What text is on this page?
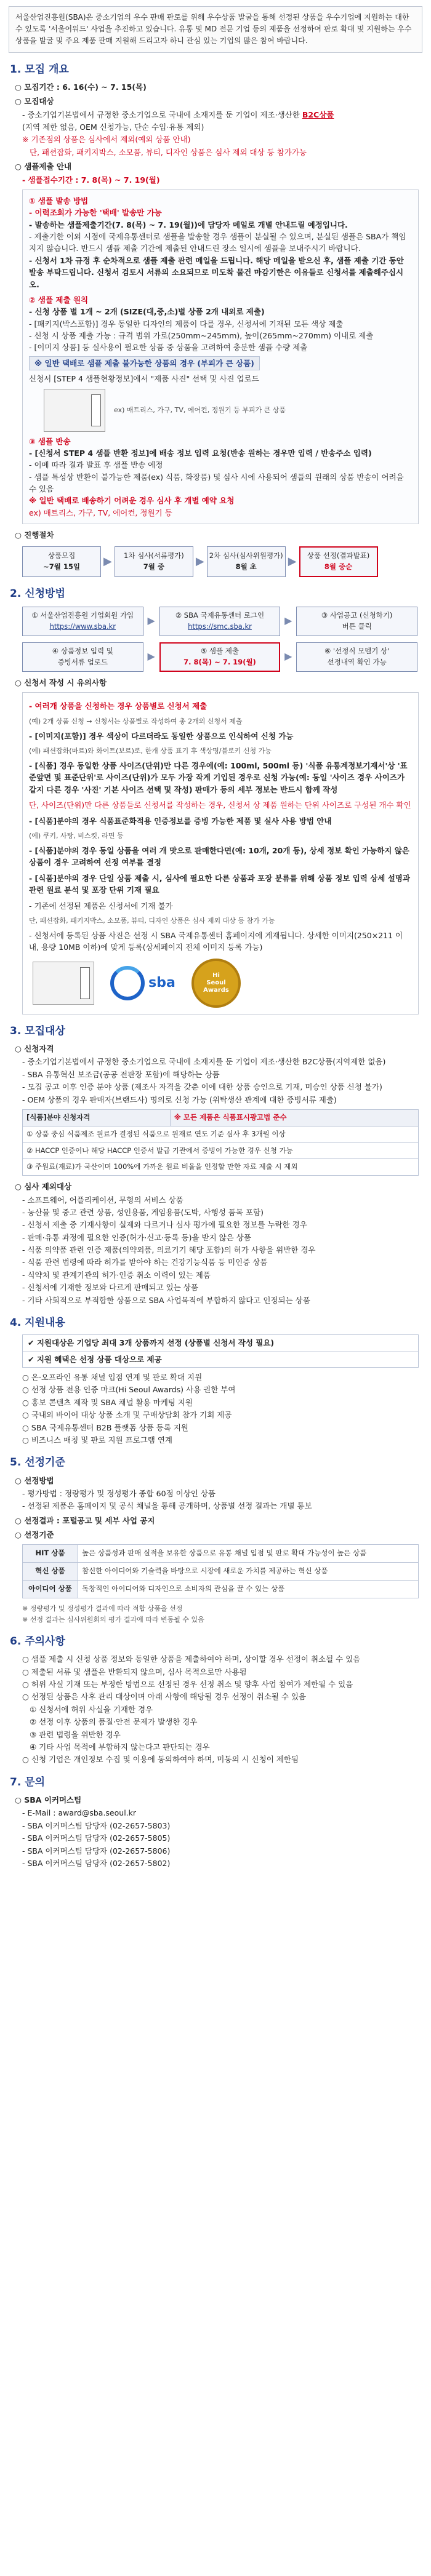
서울산업진흥원(SBA)은 중소기업의 우수 판매 판로를 위해 우수상품 발굴을 통해 선정된 상품을 우수기업에 지원하는 대한 수 있도록 '서울어워드' 사업을 추진하고 있습니다. 유통 및 MD 전문 기업 등의 제품을 선정하여 판로 확대 및 지원하는 우수 상품을 발굴 및 주요 제품 판매 지원해 드리고자 하니 관심 있는 기업의 많은 참여 바랍니다.
1. 모집 개요
○ 모집기간 : 6. 16(수) ~ 7. 15(목)
○ 모집대상
- 중소기업기본법에서 규정한 중소기업으로 국내에 소재지를 둔 기업이 제조·생산한 B2C상품
(지역 제한 없음, OEM 신청가능, 단순 수입·유통 제외)
※ 기존점의 상품은 심사에서 제외(예외 상품 안내)
단, 패션잡화, 패키지박스, 소모품, 뷰티, 디자인 상품은 심사 제외 대상 등 참가가능
○ 샘플제출 안내
- 샘플접수기간 : 7. 8(목) ~ 7. 19(월)
① 샘플 발송 방법
- 이력조회가 가능한 '택배' 발송만 가능
- 발송하는 샘플제출기간(7. 8(목) ~ 7. 19(월))에 담당자 메일로 개별 안내드릴 예정입니다.
- 제출기한 이외 시점에 국제유통센터로 샘플을 발송할 경우 샘플이 분실될 수 있으며, 분실된 샘플은 SBA가 책임지지 않습니다. 반드시 샘플 제출 기간에 제출된 안내드린 장소 일시에 샘플을 보내주시기 바랍니다.
- 신청서 1차 규정 후 순차적으로 샘플 제출 관련 메일을 드립니다. 해당 메일을 받으신 후, 샘플 제출 기간 동안 발송 부탁드립니다. 신청서 검토시 서류의 소요되므로 미도착 물건 마감기한은 이유들로 신청서를 제출해주십시오.
② 샘플 제출 원칙
- 신청 상품 별 1개 ~ 2개 (SIZE(대,중,소)별 상품 2개 내외로 제출)
- [패키지(박스포함)] 경우 동일한 디자인의 제품이 다를 경우, 신청서에 기재된 모든 색상 제출
- 신청 시 상품 제출 가능 : 규격 범위 가로(250mm~245mm), 높이(265mm~270mm) 이내로 제출
- [이미지 상품] 등 실사용이 필요한 상품 중 상품을 고려하여 충분한 샘플 수량 제출
※ 일반 택배로 샘플 제출 불가능한 상품의 경우 (부피가 큰 상품)
신청서 [STEP 4 샘플현황정보]에서 "제품 사진" 선택 및 사진 업로드
ex) 매트리스, 가구, TV, 에어컨, 정원기 등 부피가 큰 상품
③ 샘플 반송
- [신청서 STEP 4 샘플 반환 정보]에 배송 정보 입력 요청(반송 원하는 경우만 입력 / 반송주소 입력)
- 이메 따라 결과 발표 후 샘플 반송 예정
- 샘플 특성상 반환이 불가능한 제품(ex) 식품, 화장품) 및 심사 시에 사용되어 샘플의 원래의 상품 반송이 어려울 수 있음
※ 일반 택배로 배송하기 어려운 경우 심사 후 개별 예약 요청
ex) 매트리스, 가구, TV, 에어컨, 정원기 등
○ 진행절차
상품모집
~7월 15일	▶	1차 심사(서류평가)
7월 중	▶ 2차 심사(심사위원평가)
8월 초	▶	상품 선정(결과발표)
8월 중순
2. 신청방법
① 서울산업진흥원 기업회원 가입
https://www.sba.kr	▶	② SBA 국제유통센터 로그인
https://smc.sba.kr	▶	③ 사업공고 (신청하기)
버튼 클릭
④ 상품정보 입력 및
증빙서류 업로드	▶	⑤ 샘플 제출
7. 8(목) ~ 7. 19(월)	▶	⑥ '선정식 모델기 상'
선정내역 확인 가능
○ 신청서 작성 시 유의사항

- 여러개 상품을 신청하는 경우 상품별로 신청서 제출

(예) 2개 상품 신청 → 신청서는 상품별로 작성하여 총 2개의 신청서 제출

- [이미지(포함)] 경우 색상이 다르더라도 동일한 상품으로 인식하여 신청 가능

(예) 패션잡화(마르)와 화이트(보르)로, 한개 상품 표기 후 색상명/블로키 신청 가능

- [식품] 경우 동일한 상품 사이즈(단위)만 다른 경우에(예: 100ml, 500ml 등) '식품 유통계정보기재서'상 '표준앞면 및 표준단위'로 사이즈(단위)가 모두 가장 작게 기입된 경우로 신청 가능(예: 동일 '사이즈 경우 사이즈가 같지 다른 경우 '사진' 기본 사이즈 선택 및 작성) 판매가 등의 세부 정보는 반드시 함께 작성

단, 사이즈(단위)만 다른 상품들로 신청서를 작성하는 경우, 신청서 상 제품 원하는 단위 사이즈로 구성된 개수 확인

- [식품]분야의 경우 식품표준화적용 인증정보를 증빙 가능한 제품 및 실사 사용 방법 안내

(예) 쿠키, 사탕, 비스킷, 라면 등

- [식품]분야의 경우 동일 상품을 여러 개 맛으로 판매한다면(예: 10개, 20개 등), 상세 정보 확인 가능하지 않은 상품이 경우 고려하여 선정 여부를 결정

- [식품]분야의 경우 단일 상품 제출 시, 심사에 필요한 다른 상품과 포장 분류를 위해 상품 정보 입력 상세 설명과 관련 원료 분석 및 포장 단위 기재 필요

- 기존에 선정된 제품은 신청서에 기재 불가

단, 패션잡화, 패키지박스, 소모품, 뷰티, 디자인 상품은 심사 제외 대상 등 참가 가능

- 신청서에 등록된 상품 사진은 선정 시 SBA 국제유통센터 홈페이지에 게재됩니다. 상세한 이미지(250×211 이내, 용량 10MB 이하)에 맞게 등록(상세페이지 전체 이미지 등록 가능)

sba	Hi
Seoul
Awards
3. 모집대상
○ 신청자격
- 중소기업기본법에서 규정한 중소기업으로 국내에 소재지를 둔 기업이 제조·생산한 B2C상품(지역제한 없음)
- SBA 유통혁신 보조금(공공 전판장 포함)에 해당하는 상품
- 모집 공고 이후 인증 분야 상품 (제조사 자격을 갖춘 이에 대한 상품 승인으로 기재, 미승인 상품 신청 불가)
- OEM 상품의 경우 판매자(브랜드사) 명의로 신청 가능 (위탁생산 관계에 대한 증빙서류 제출)
[식품]분야 신청자격	※ 모든 제품은 식품표시광고법 준수
① 상품 중심 식품제조 원료가 결정된 식품으로 원재료 연도 기준 심사 후 3개월 이상
② HACCP 인증이나 해당 HACCP 인증서 발급 기관에서 증빙이 가능한 경우 신청 가능
③ 주원료(재료)가 국산이며 100%에 가까운 원료 비율을 인정할 만한 자료 제출 시 제외
○ 심사 제외대상
- 소프트웨어, 어플리케이션, 무형의 서비스 상품
- 농산물 및 중고 관련 상품, 성인용품, 게임용품(도박, 사행성 품목 포함)
- 신청서 제출 중 기재사항이 실제와 다르거나 심사 평가에 필요한 정보를 누락한 경우
- 판매·유통 과정에 필요한 인증(허가·신고·등록 등)을 받지 않은 상품
- 식품 의약품 관련 인증 제품(의약외품, 의료기기 해당 포함)의 허가 사항을 위반한 경우
- 식품 관련 법령에 따라 허가를 받아야 하는 건강기능식품 등 미인증 상품
- 식약처 및 관계기관의 허가·인증 취소 이력이 있는 제품
- 신청서에 기재한 정보와 다르게 판매되고 있는 상품
- 기타 사회적으로 부적합한 상품으로 SBA 사업목적에 부합하지 않다고 인정되는 상품
4. 지원내용
✔ 지원대상은 기업당 최대 3개 상품까지 선정 (상품별 신청서 작성 필요)
✔ 지원 혜택은 선정 상품 대상으로 제공
○ 온·오프라인 유통 채널 입점 연계 및 판로 확대 지원
○ 선정 상품 전용 인증 마크(Hi Seoul Awards) 사용 권한 부여
○ 홍보 콘텐츠 제작 및 SBA 채널 활용 마케팅 지원
○ 국내외 바이어 대상 상품 소개 및 구매상담회 참가 기회 제공
○ SBA 국제유통센터 B2B 플랫폼 상품 등록 지원
○ 비즈니스 매칭 및 판로 지원 프로그램 연계
5. 선정기준
○ 선정방법
- 평가방법 : 정량평가 및 정성평가 종합 60점 이상인 상품
- 선정된 제품은 홈페이지 및 공식 채널을 통해 공개하며, 상품별 선정 결과는 개별 통보
○ 선정결과 : 포털공고 및 세부 사업 공지
○ 선정기준
HIT 상품	높은 상품성과 판매 실적을 보유한 상품으로 유통 채널 입점 및 판로 확대 가능성이 높은 상품
혁신 상품	참신한 아이디어와 기술력을 바탕으로 시장에 새로운 가치를 제공하는 혁신 상품
아이디어 상품	독창적인 아이디어와 디자인으로 소비자의 관심을 끌 수 있는 상품
※ 정량평가 및 정성평가 결과에 따라 적합 상품을 선정
※ 선정 결과는 심사위원회의 평가 결과에 따라 변동될 수 있음
6. 주의사항
○ 샘플 제출 시 신청 상품 정보와 동일한 상품을 제출하여야 하며, 상이할 경우 선정이 취소될 수 있음
○ 제출된 서류 및 샘플은 반환되지 않으며, 심사 목적으로만 사용됨
○ 허위 사실 기재 또는 부정한 방법으로 선정된 경우 선정 취소 및 향후 사업 참여가 제한될 수 있음
○ 선정된 상품은 사후 관리 대상이며 아래 사항에 해당될 경우 선정이 취소될 수 있음
① 신청서에 허위 사실을 기재한 경우
② 선정 이후 상품의 품질·안전 문제가 발생한 경우
③ 관련 법령을 위반한 경우
④ 기타 사업 목적에 부합하지 않는다고 판단되는 경우
○ 신청 기업은 개인정보 수집 및 이용에 동의하여야 하며, 미동의 시 신청이 제한됨
7. 문의
○ SBA 이커머스팀
- E-Mail : award@sba.seoul.kr
- SBA 이커머스팀 담당자 (02-2657-5803)
- SBA 이커머스팀 담당자 (02-2657-5805)
- SBA 이커머스팀 담당자 (02-2657-5806)
- SBA 이커머스팀 담당자 (02-2657-5802)
